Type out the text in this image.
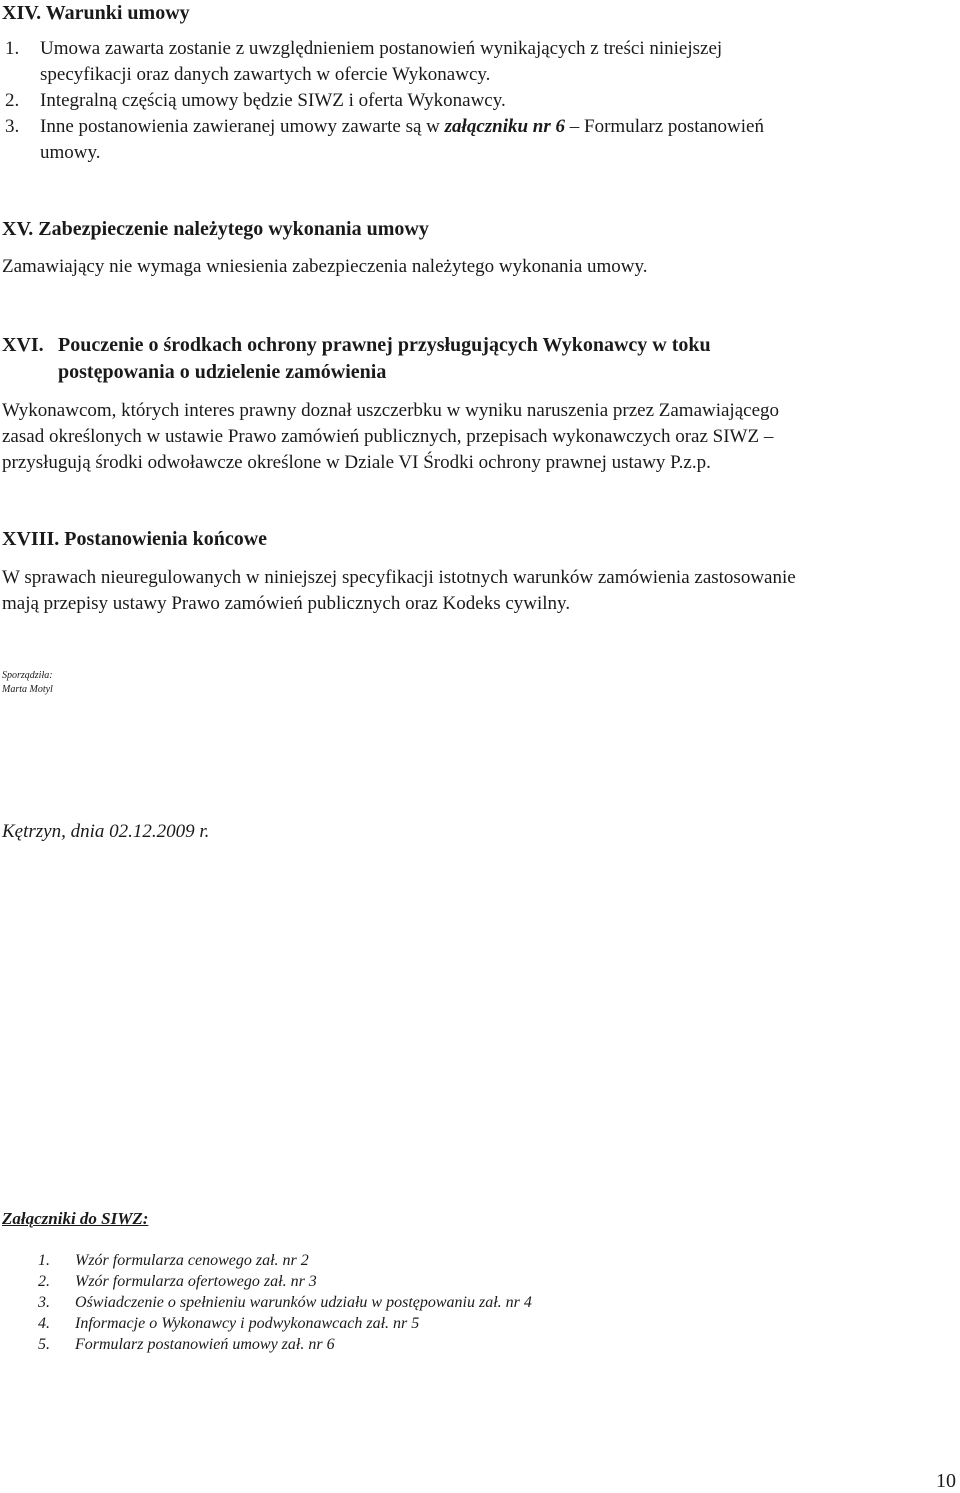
XIV. Warunki umowy
1. Umowa zawarta zostanie z uwzględnieniem postanowień wynikających z treści niniejszej
specyfikacji oraz danych zawartych w ofercie Wykonawcy.
2. Integralną częścią umowy będzie SIWZ i oferta Wykonawcy.
3. Inne postanowienia zawieranej umowy zawarte są w załączniku nr 6 – Formularz postanowień
umowy.
XV. Zabezpieczenie należytego wykonania umowy
Zamawiający nie wymaga wniesienia zabezpieczenia należytego wykonania umowy.
XVI. Pouczenie o środkach ochrony prawnej przysługujących Wykonawcy w toku
postępowania o udzielenie zamówienia
Wykonawcom, których interes prawny doznał uszczerbku w wyniku naruszenia przez Zamawiającego
zasad określonych w ustawie Prawo zamówień publicznych, przepisach wykonawczych oraz SIWZ –
przysługują środki odwoławcze określone w Dziale VI Środki ochrony prawnej ustawy P.z.p.
XVIII. Postanowienia końcowe
W sprawach nieuregulowanych w niniejszej specyfikacji istotnych warunków zamówienia zastosowanie
mają przepisy ustawy Prawo zamówień publicznych oraz Kodeks cywilny.
Sporządziła:
Marta Motyl
Kętrzyn, dnia 02.12.2009 r.
Załączniki do SIWZ:
1. Wzór formularza cenowego zał. nr 2
2. Wzór formularza ofertowego zał. nr 3
3. Oświadczenie o spełnieniu warunków udziału w postępowaniu zał. nr 4
4. Informacje o Wykonawcy i podwykonawcach zał. nr 5
5. Formularz postanowień umowy zał. nr 6
10
